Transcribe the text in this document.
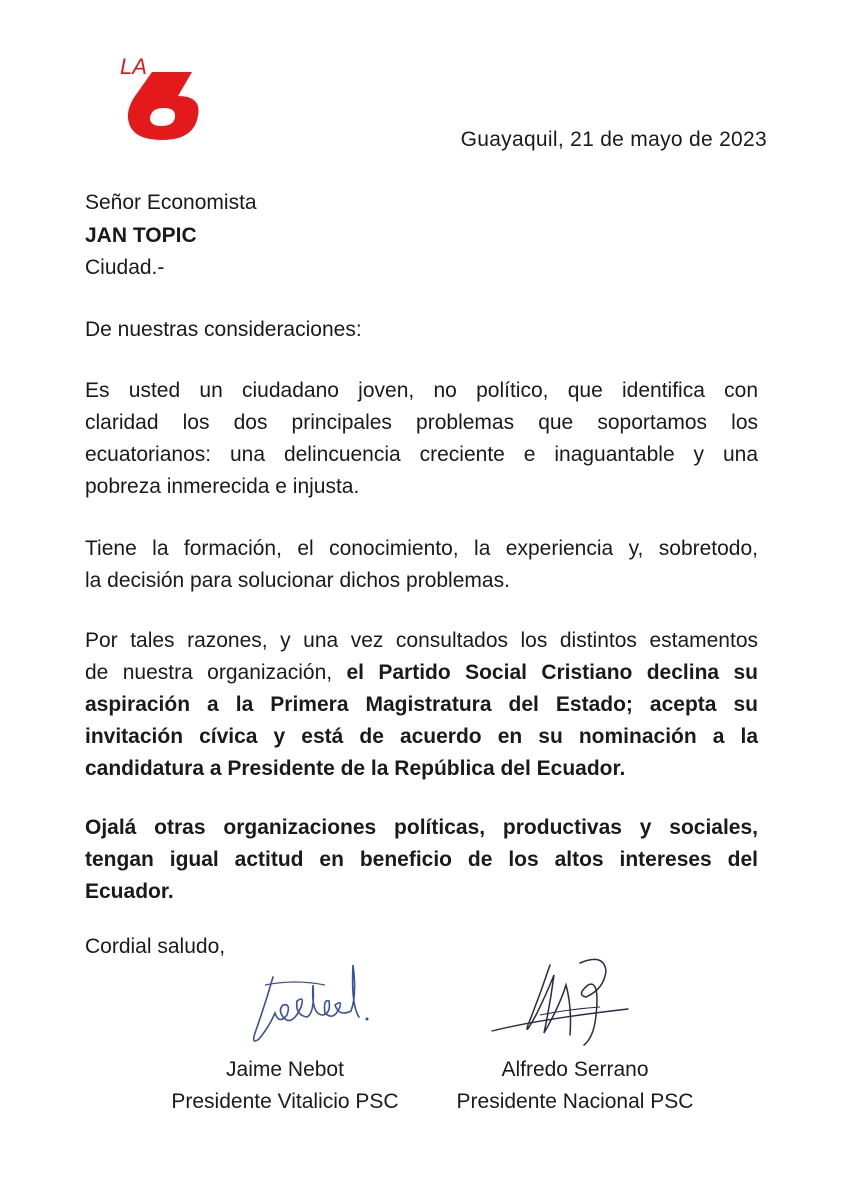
LA
Guayaquil, 21 de mayo de 2023
Señor Economista
JAN TOPIC
Ciudad.-
De nuestras consideraciones:
Es usted un ciudadano joven, no político, que identifica con
claridad los dos principales problemas que soportamos los
ecuatorianos: una delincuencia creciente e inaguantable y una
pobreza inmerecida e injusta.
Tiene la formación, el conocimiento, la experiencia y, sobretodo,
la decisión para solucionar dichos problemas.
Por tales razones, y una vez consultados los distintos estamentos
de nuestra organización, el Partido Social Cristiano declina su
aspiración a la Primera Magistratura del Estado; acepta su
invitación cívica y está de acuerdo en su nominación a la
candidatura a Presidente de la República del Ecuador.
Ojalá otras organizaciones políticas, productivas y sociales,
tengan igual actitud en beneficio de los altos intereses del
Ecuador.
Cordial saludo,
Jaime Nebot
Presidente Vitalicio PSC
Alfredo Serrano
Presidente Nacional PSC
